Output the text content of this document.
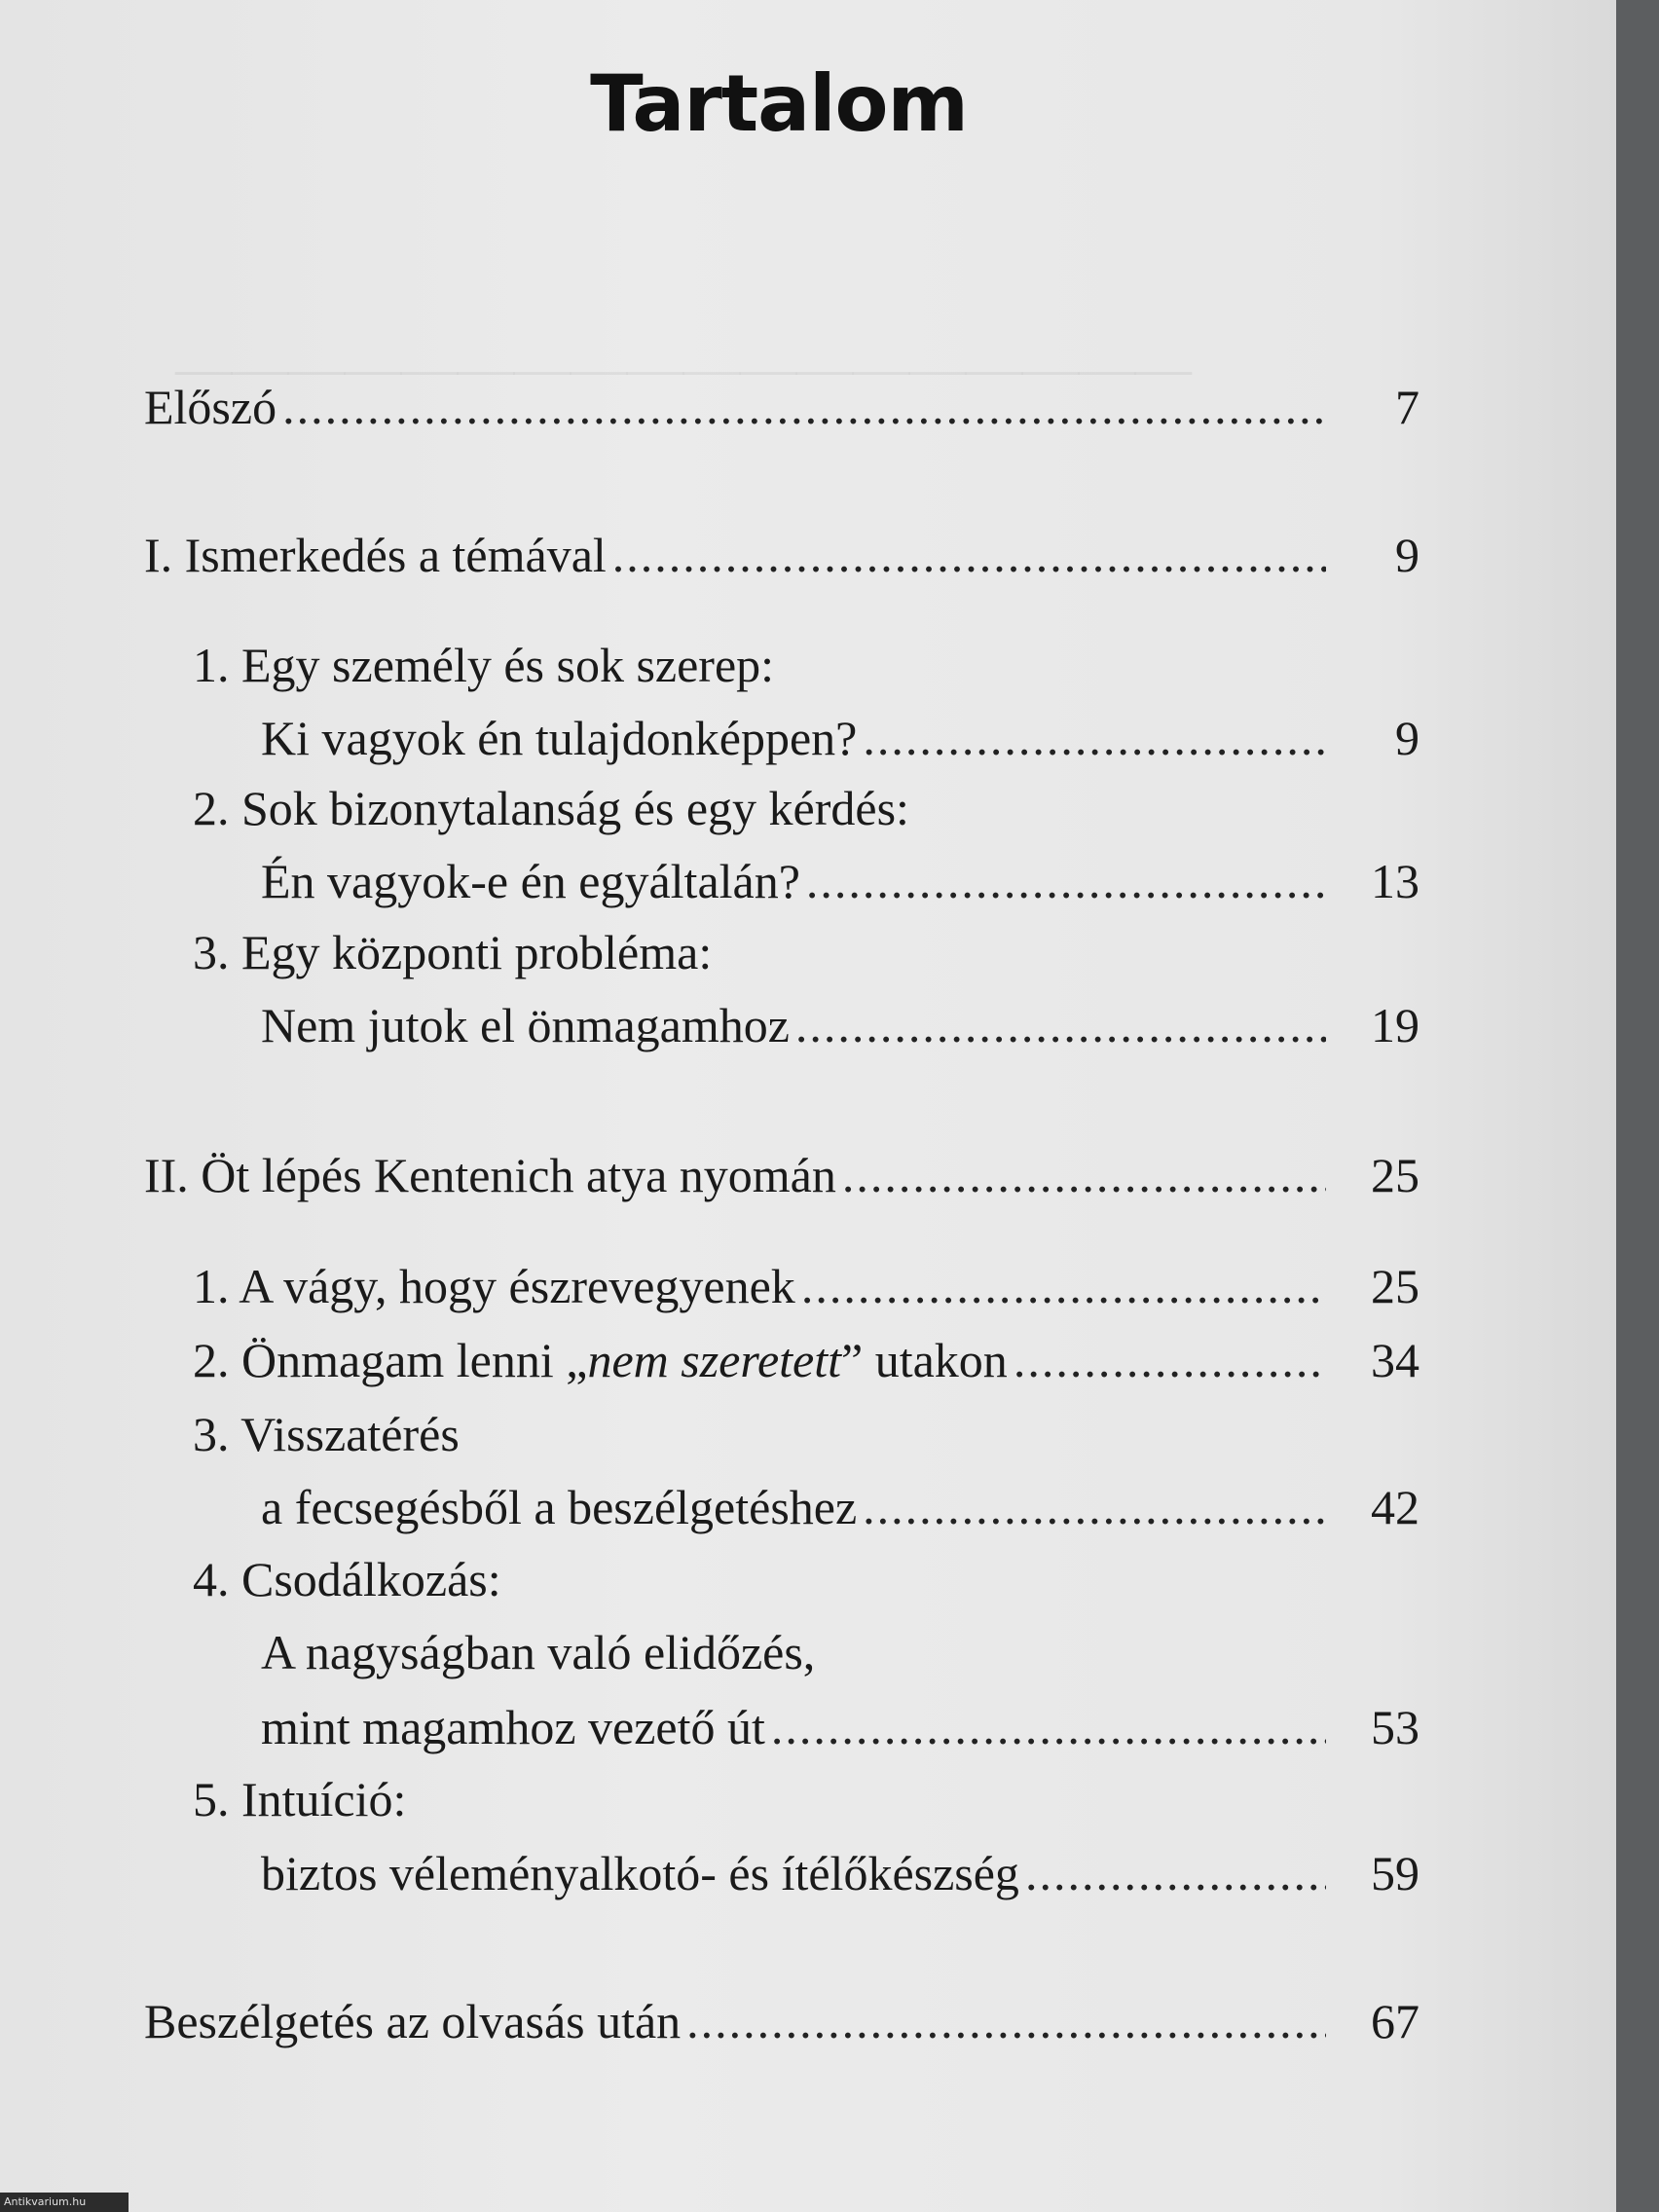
——————————————————

Tartalom
Előszó .....	7
I. Ismerkedés a témával .....	9
1. Egy személy és sok szerep:
Ki vagyok én tulajdonképpen? .....	9
2. Sok bizonytalanság és egy kérdés:
Én vagyok-e én egyáltalán? .....	13
3. Egy központi probléma:
Nem jutok el önmagamhoz .....	19
II. Öt lépés Kentenich atya nyomán .....	25
1. A vágy, hogy észrevegyenek .....	25
2. Önmagam lenni „nem szeretett” utakon .....	34
3. Visszatérés
a fecsegésből a beszélgetéshez .....	42
4. Csodálkozás:
A nagyságban való elidőzés,
mint magamhoz vezető út .....	53
5. Intuíció:
biztos véleményalkotó- és ítélőkészség .....	59
Beszélgetés az olvasás után .....	67
Antikvarium.hu
